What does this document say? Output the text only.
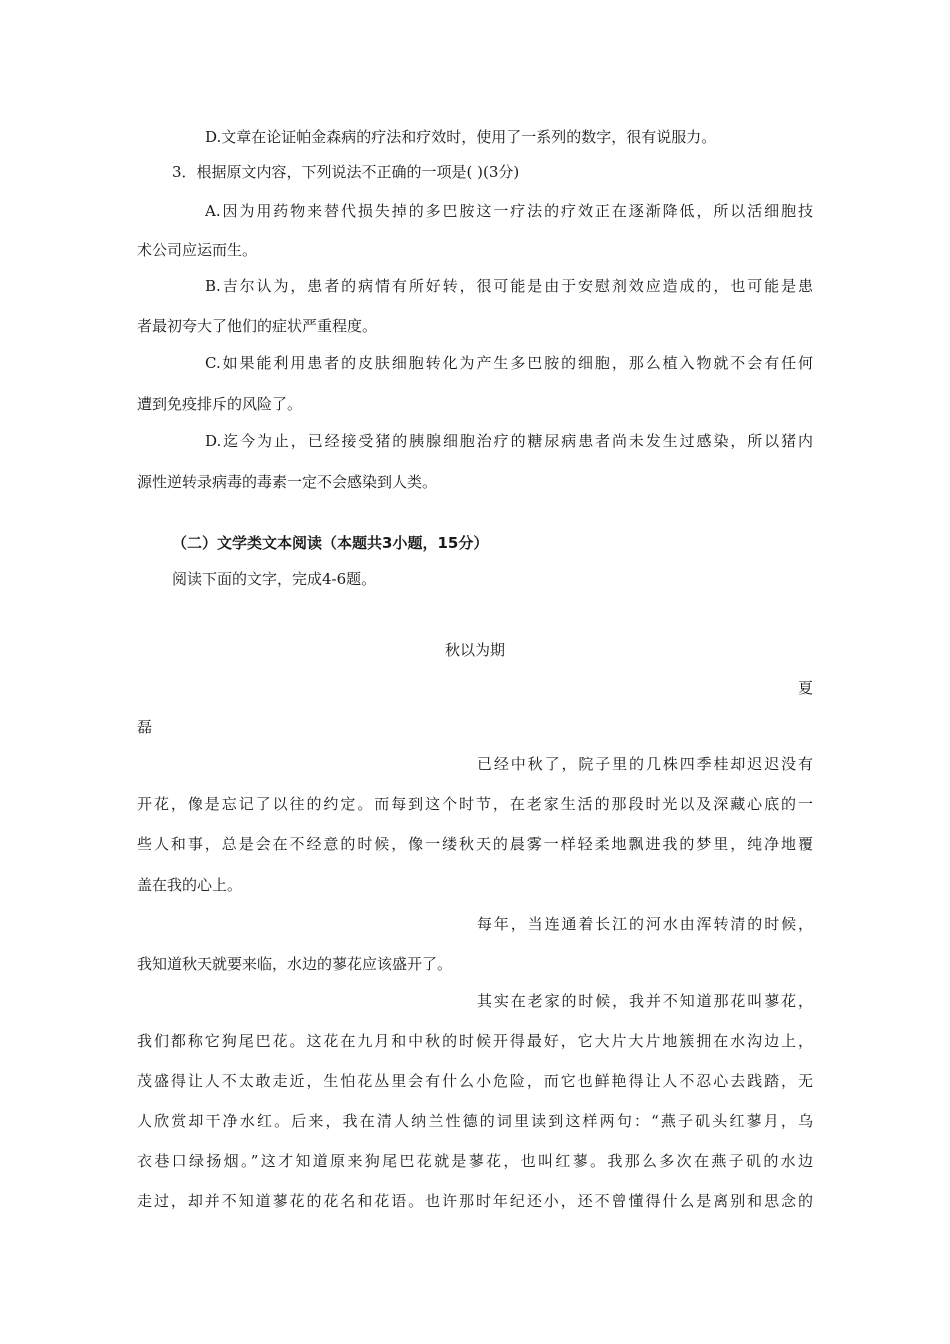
D.文章在论证帕金森病的疗法和疗效时，使用了一系列的数字，很有说服力。
3．根据原文内容，下列说法不正确的一项是( )(3分)
A.因为用药物来替代损失掉的多巴胺这一疗法的疗效正在逐渐降低，所以活细胞技
术公司应运而生。
B.吉尔认为，患者的病情有所好转，很可能是由于安慰剂效应造成的，也可能是患
者最初夸大了他们的症状严重程度。
C.如果能利用患者的皮肤细胞转化为产生多巴胺的细胞，那么植入物就不会有任何
遭到免疫排斥的风险了。
D.迄今为止，已经接受猪的胰腺细胞治疗的糖尿病患者尚未发生过感染，所以猪内
源性逆转录病毒的毒素一定不会感染到人类。
（二）文学类文本阅读（本题共3小题，15分）
阅读下面的文字，完成4-6题。
秋以为期
夏
磊
已经中秋了，院子里的几株四季桂却迟迟没有
开花，像是忘记了以往的约定。而每到这个时节，在老家生活的那段时光以及深藏心底的一
些人和事，总是会在不经意的时候，像一缕秋天的晨雾一样轻柔地飘进我的梦里，纯净地覆
盖在我的心上。
每年，当连通着长江的河水由浑转清的时候，
我知道秋天就要来临，水边的蓼花应该盛开了。
其实在老家的时候，我并不知道那花叫蓼花，
我们都称它狗尾巴花。这花在九月和中秋的时候开得最好，它大片大片地簇拥在水沟边上，
茂盛得让人不太敢走近，生怕花丛里会有什么小危险，而它也鲜艳得让人不忍心去践踏，无
人欣赏却干净水红。后来，我在清人纳兰性德的词里读到这样两句：“燕子矶头红蓼月，乌
衣巷口绿扬烟。”这才知道原来狗尾巴花就是蓼花，也叫红蓼。我那么多次在燕子矶的水边
走过，却并不知道蓼花的花名和花语。也许那时年纪还小，还不曾懂得什么是离别和思念的
